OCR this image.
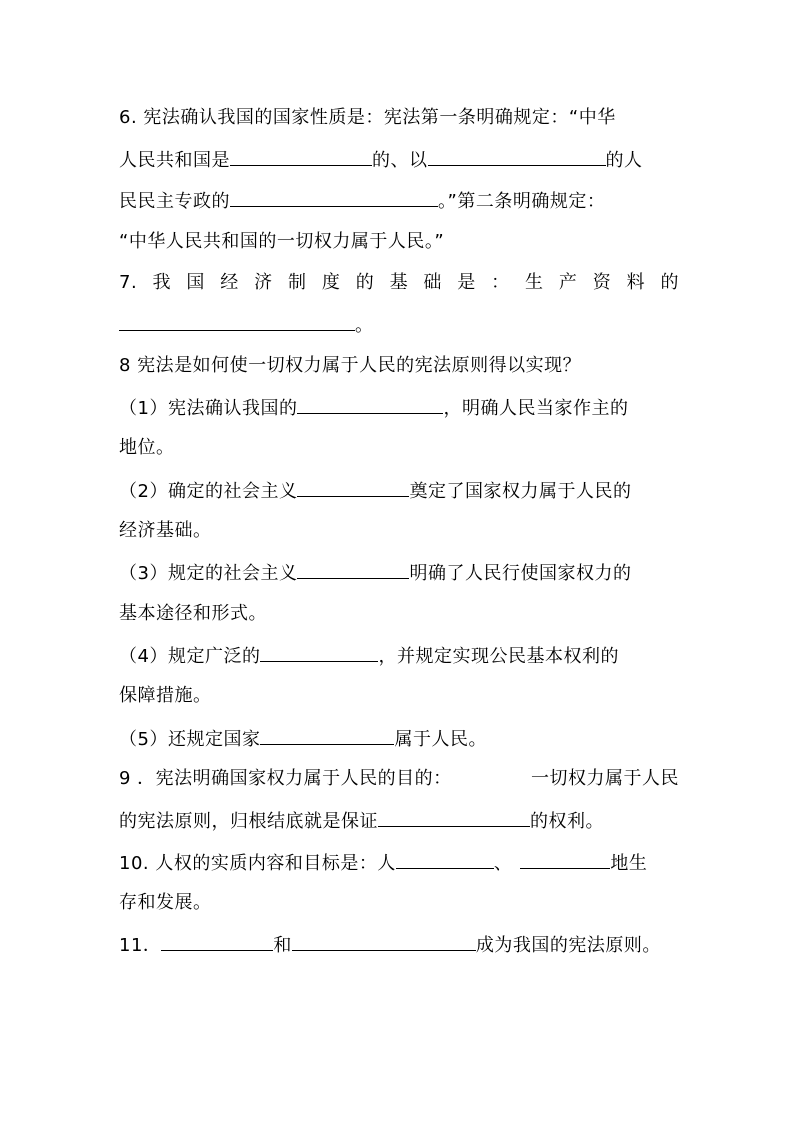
6. 宪法确认我国的国家性质是：宪法第一条明确规定：“中华
人民共和国是	的、以	的人
民民主专政的	。”第二条明确规定：
“中华人民共和国的一切权力属于人民。”
7. 我 国 经 济 制 度 的 基 础 是 ： 生 产 资 料 的
。
8 宪法是如何使一切权力属于人民的宪法原则得以实现？
（1）宪法确认我国的	，明确人民当家作主的
地位。
（2）确定的社会主义	奠定了国家权力属于人民的
经济基础。
（3）规定的社会主义	明确了人民行使国家权力的
基本途径和形式。
（4）规定广泛的	，并规定实现公民基本权利的
保障措施。
（5）还规定国家	属于人民。
9 ．宪法明确国家权力属于人民的目的：	一切权力属于人民
的宪法原则，归根结底就是保证	的权利。
10. 人权的实质内容和目标是：人	、	地生
存和发展。
11．	和	成为我国的宪法原则。
